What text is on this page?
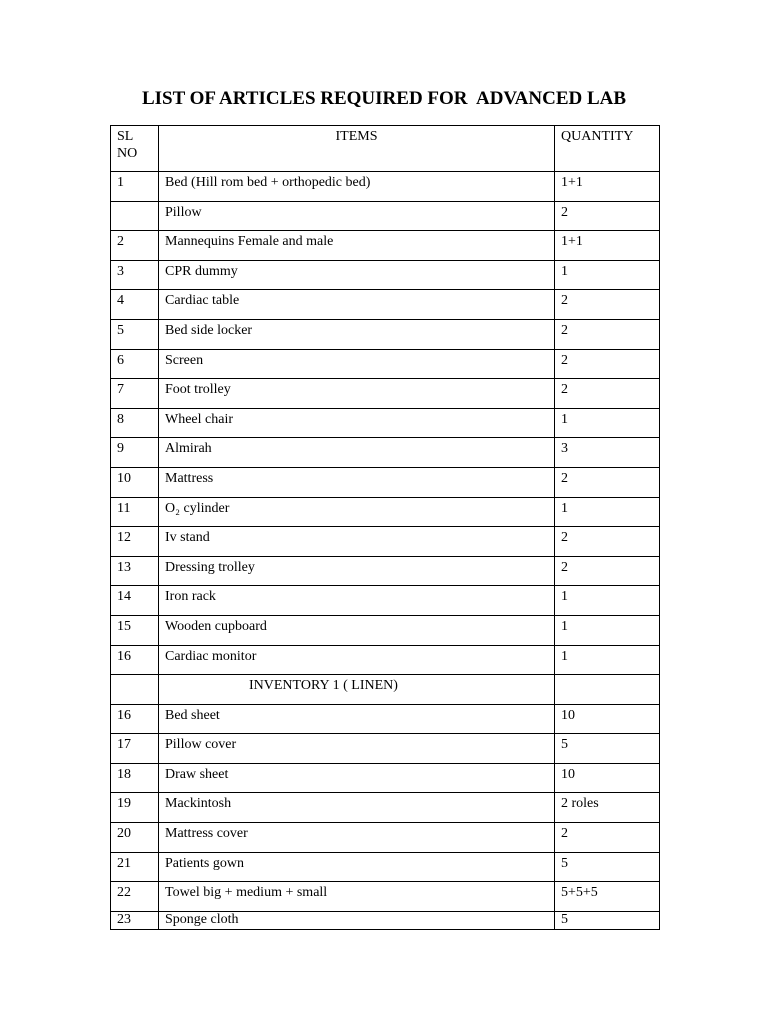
LIST OF ARTICLES REQUIRED FOR  ADVANCED LAB
SL
NO	ITEMS	QUANTITY
1	Bed (Hill rom bed + orthopedic bed)	1+1
	Pillow	2
2	Mannequins Female and male	1+1
3	CPR dummy	1
4	Cardiac table	2
5	Bed side locker	2
6	Screen	2
7	Foot trolley	2
8	Wheel chair	1
9	Almirah	3
10	Mattress	2
11	O₂ cylinder	1
12	Iv stand	2
13	Dressing trolley	2
14	Iron rack	1
15	Wooden cupboard	1
16	Cardiac monitor	1
	INVENTORY 1 ( LINEN)	
16	Bed sheet	10
17	Pillow cover	5
18	Draw sheet	10
19	Mackintosh	2 roles
20	Mattress cover	2
21	Patients gown	5
22	Towel big + medium + small	5+5+5
23	Sponge cloth	5
